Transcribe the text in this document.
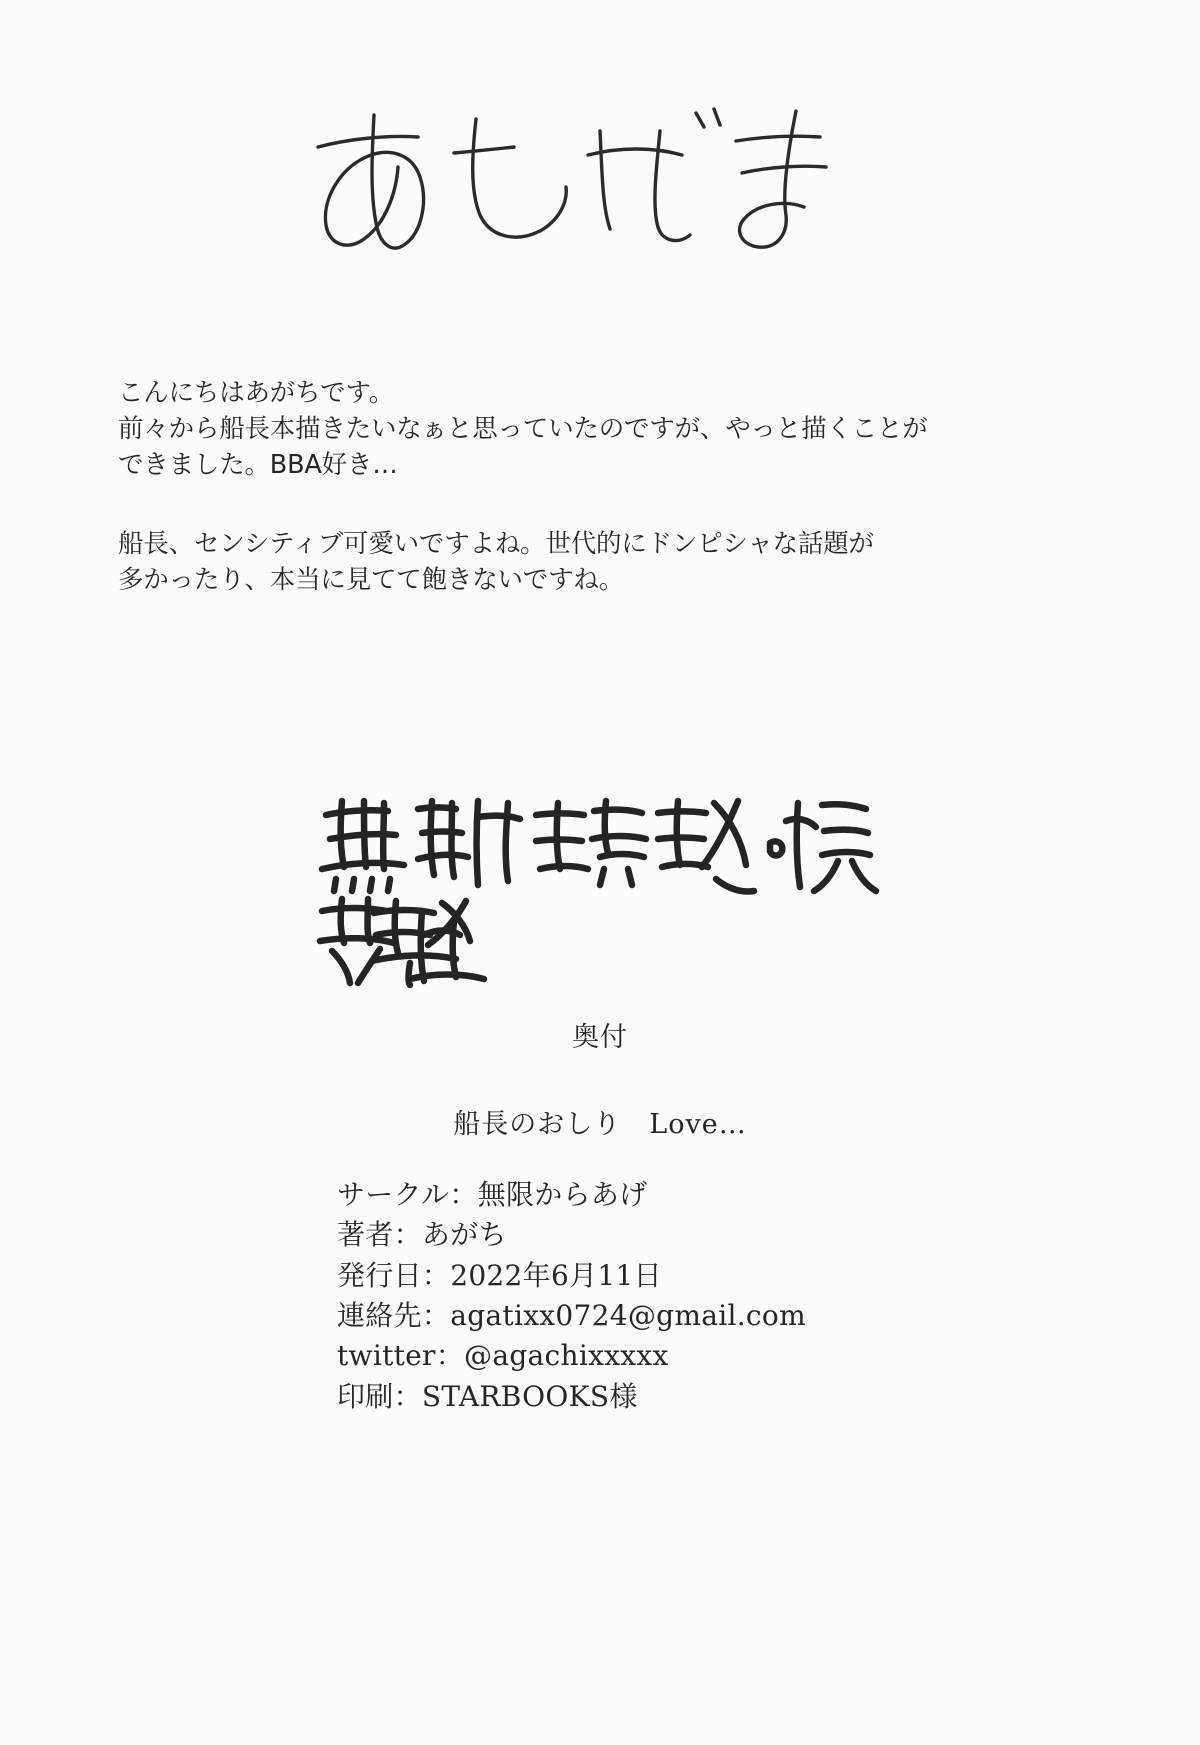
こんにちはあがちです。

前々から船長本描きたいなぁと思っていたのですが、やっと描くことが

できました。BBA好き…

船長、センシティブ可愛いですよね。世代的にドンピシャな話題が

多かったり、本当に見てて飽きないですね。

奥付
船長のおしり　Love…
サークル：無限からあげ
著者：あがち
発行日：2022年6月11日
連絡先：agatixx0724@gmail.com
twitter：@agachixxxxx
印刷：STARBOOKS様
